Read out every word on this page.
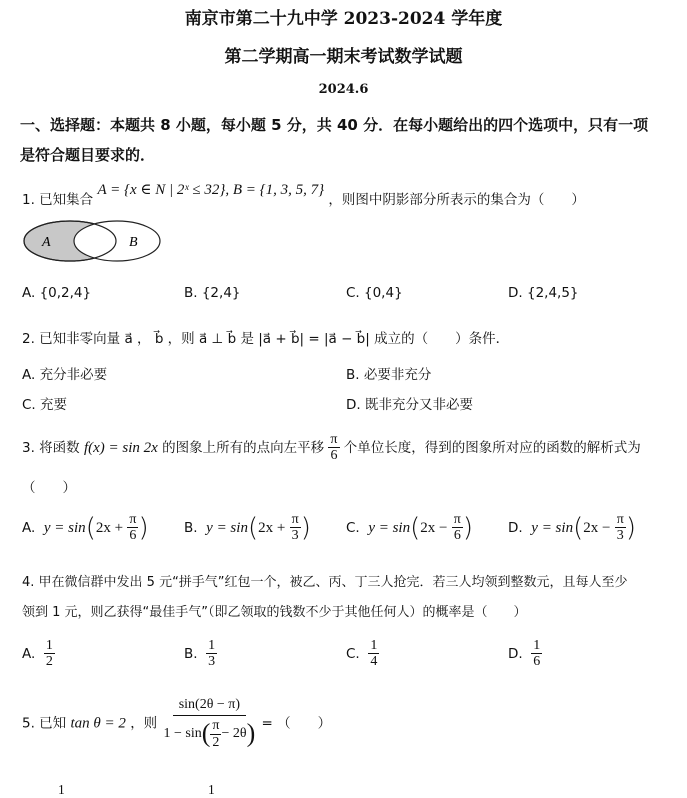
南京市第二十九中学 2023-2024 学年度
第二学期高一期末考试数学试题
2024.6
一、选择题：本题共 8 小题，每小题 5 分，共 40 分．在每小题给出的四个选项中，只有一项
是符合题目要求的．
1. 已知集合 A = {x ∈ N | 2ˣ ≤ 32}, B = {1, 3, 5, 7} ，则图中阴影部分所表示的集合为（　　）
A	B
A. {0,2,4}	B. {2,4}	C. {0,4}	D. {2,4,5}
2. 已知非零向量 a⃗ ， b⃗ ，则 a⃗ ⊥ b⃗ 是 |a⃗ + b⃗| = |a⃗ − b⃗| 成立的（　　）条件．
A. 充分非必要	B. 必要非充分
C. 充要	D. 既非充分又非必要
3. 将函数 f(x) = sin 2x 的图象上所有的点向左平移 $\frac{\pi}{6}$ 个单位长度，得到的图象所对应的函数的解析式为
（　　）
A. $y = \sin(2x + \frac{\pi}{6}$ )	B. $y = \sin(2x + \frac{\pi}{3}$ )	C. $y = \sin(2x - \frac{\pi}{6}$ )	D. $y = \sin(2x - \frac{\pi}{3}$ )
4. 甲在微信群中发出 5 元“拼手气”红包一个，被乙、丙、丁三人抢完．若三人均领到整数元，且每人至少
领到 1 元，则乙获得“最佳手气”（即乙领取的钱数不少于其他任何人）的概率是（　　）
A. $\frac{1}{2}$	B. $\frac{1}{3}$	C. $\frac{1}{4}$	D. $\frac{1}{6}$
5. 已知 tan θ = 2 ，则 $\frac{\sin(2\theta - \pi)}{1 - \sin( \frac{\pi}{2} - 2\theta)}$ = （　　）
1	1
